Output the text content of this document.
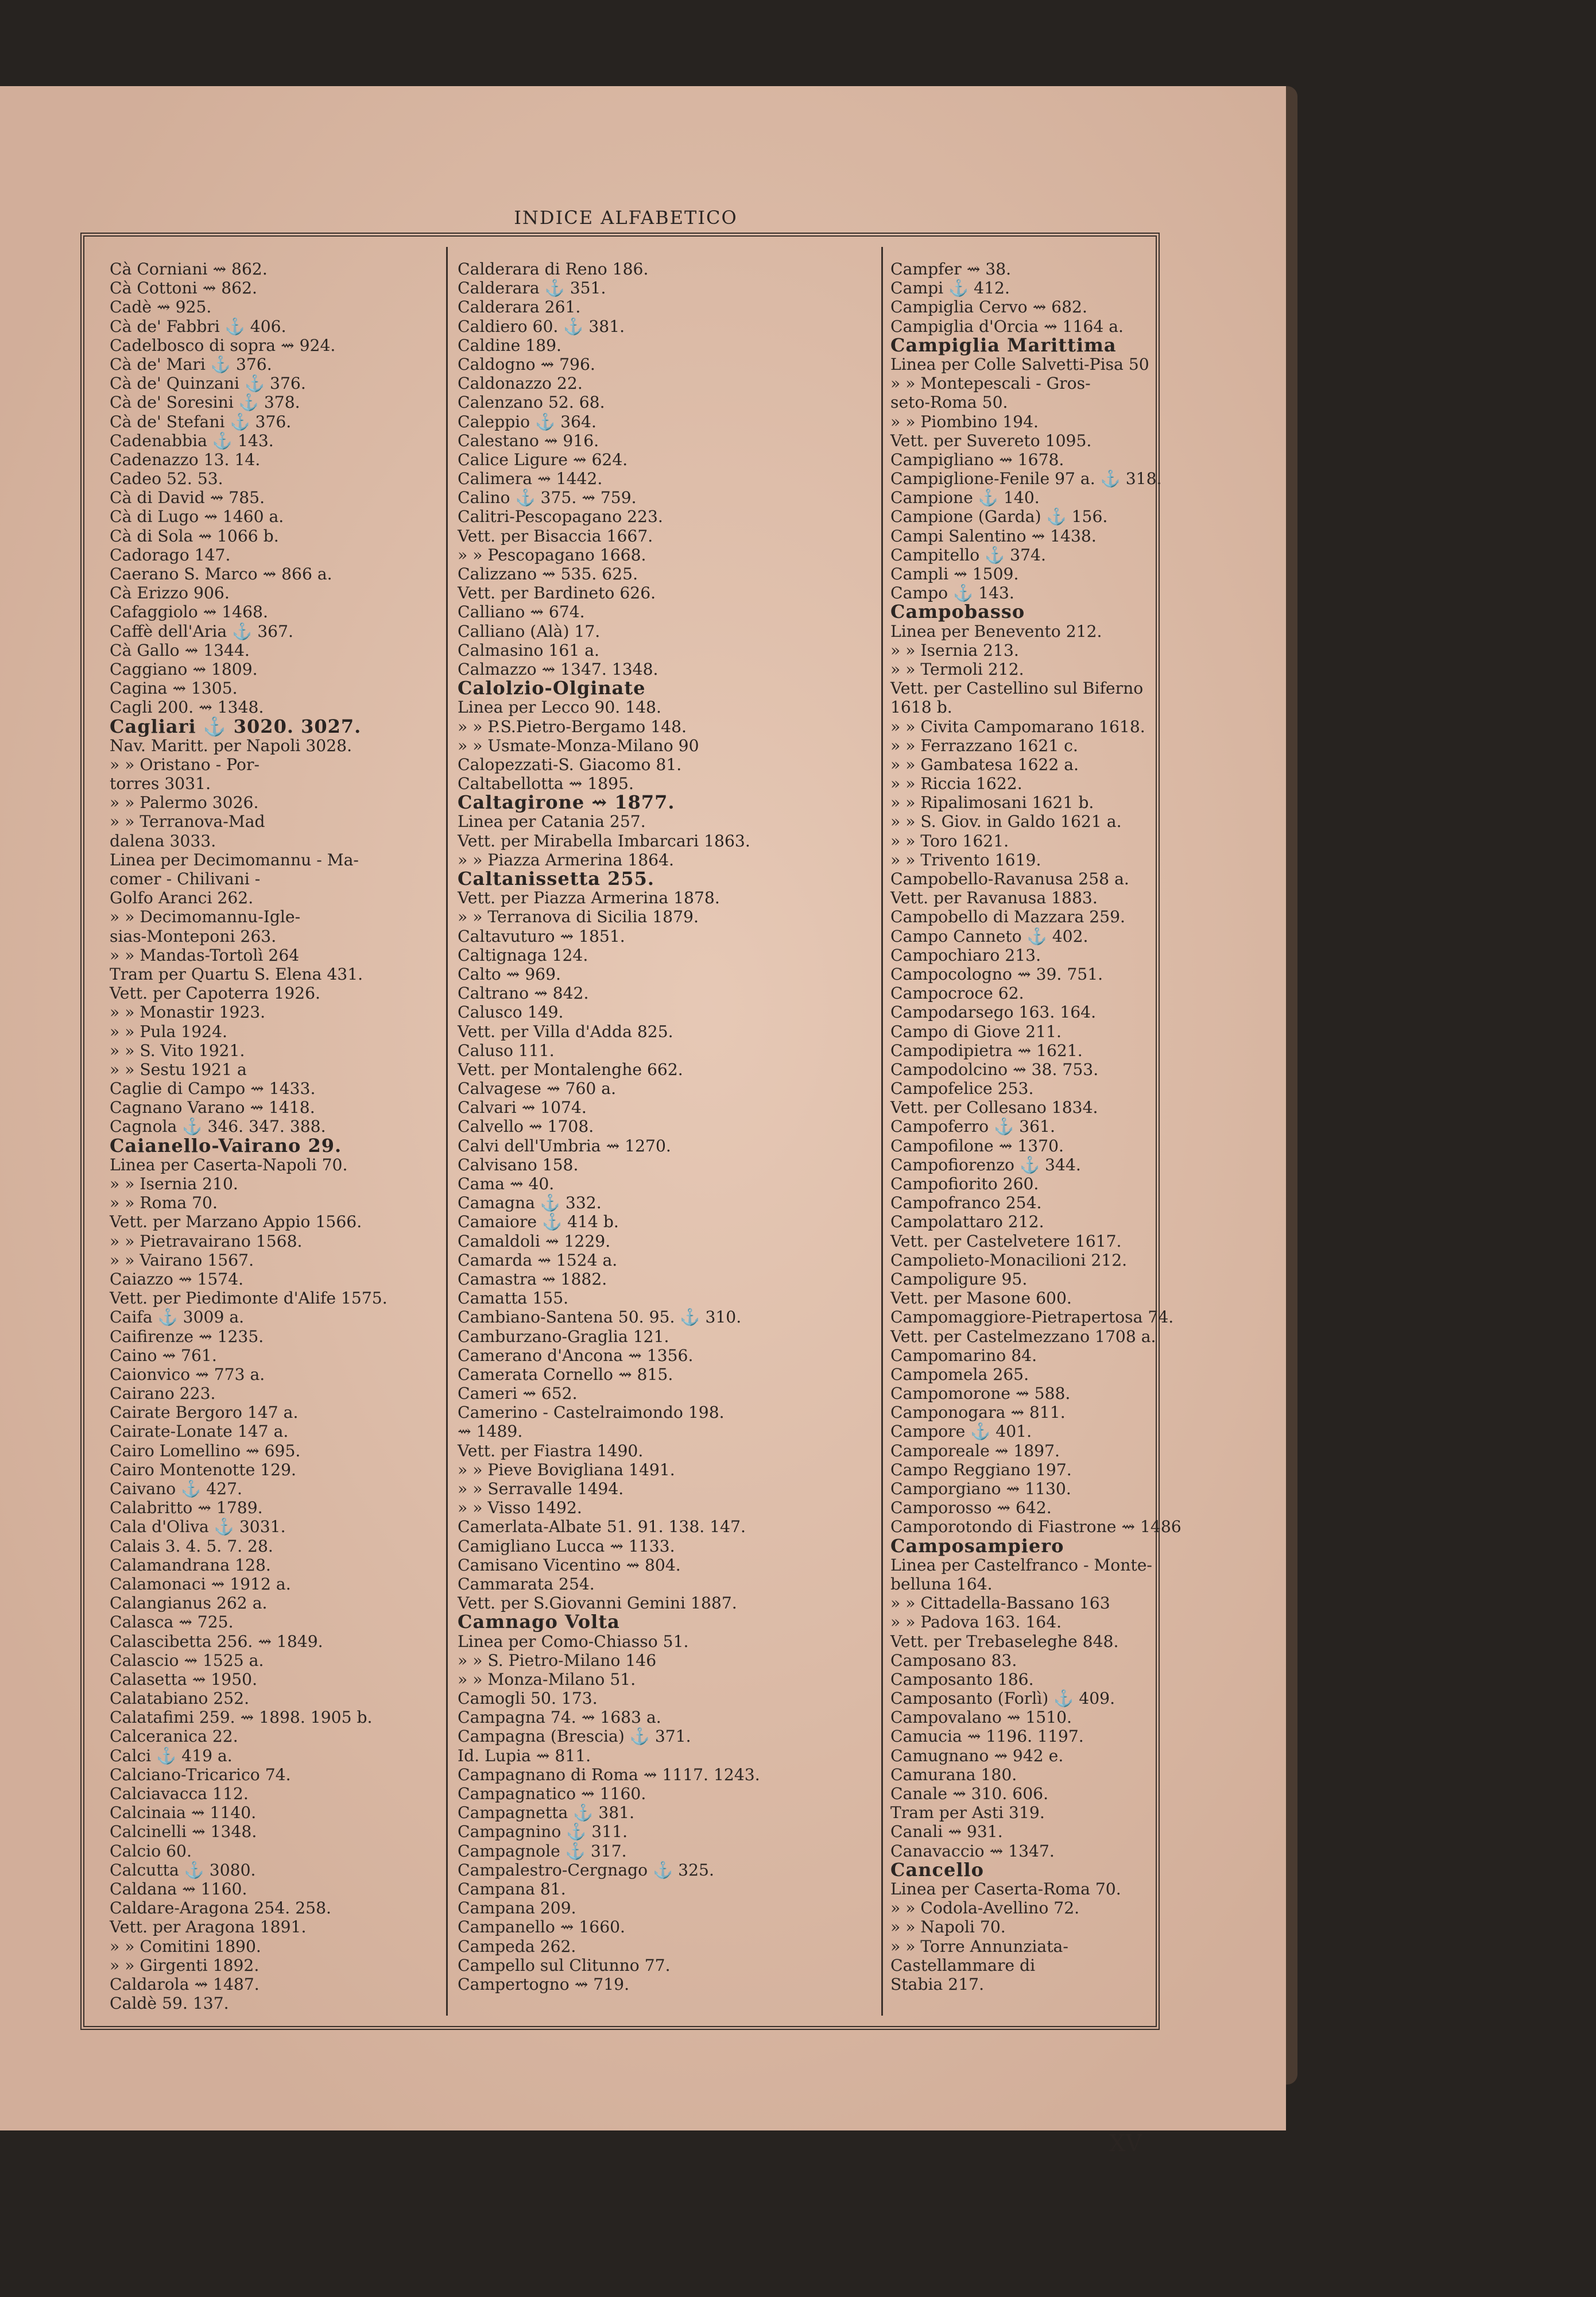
INDICE ALFABETICO
Cà Corniani ⇝ 862.
Cà Cottoni ⇝ 862.
Cadè ⇝ 925.
Cà de' Fabbri ⚓ 406.
Cadelbosco di sopra ⇝ 924.
Cà de' Mari ⚓ 376.
Cà de' Quinzani ⚓ 376.
Cà de' Soresini ⚓ 378.
Cà de' Stefani ⚓ 376.
Cadenabbia ⚓ 143.
Cadenazzo 13. 14.
Cadeo 52. 53.
Cà di David ⇝ 785.
Cà di Lugo ⇝ 1460 a.
Cà di Sola ⇝ 1066 b.
Cadorago 147.
Caerano S. Marco ⇝ 866 a.
Cà Erizzo 906.
Cafaggiolo ⇝ 1468.
Caffè dell'Aria ⚓ 367.
Cà Gallo ⇝ 1344.
Caggiano ⇝ 1809.
Cagina ⇝ 1305.
Cagli 200. ⇝ 1348.
Cagliari ⚓ 3020. 3027.
Nav. Maritt. per Napoli 3028.
» » Oristano - Por-
torres 3031.
» » Palermo 3026.
» » Terranova-Mad
dalena 3033.
Linea per Decimomannu - Ma-
comer - Chilivani -
Golfo Aranci 262.
» » Decimomannu-Igle-
sias-Monteponi 263.
» » Mandas-Tortolì 264
Tram per Quartu S. Elena 431.
Vett. per Capoterra 1926.
» » Monastir 1923.
» » Pula 1924.
» » S. Vito 1921.
» » Sestu 1921 a
Caglie di Campo ⇝ 1433.
Cagnano Varano ⇝ 1418.
Cagnola ⚓ 346. 347. 388.
Caianello-Vairano 29.
Linea per Caserta-Napoli 70.
» » Isernia 210.
» » Roma 70.
Vett. per Marzano Appio 1566.
» » Pietravairano 1568.
» » Vairano 1567.
Caiazzo ⇝ 1574.
Vett. per Piedimonte d'Alife 1575.
Caifa ⚓ 3009 a.
Caifirenze ⇝ 1235.
Caino ⇝ 761.
Caionvico ⇝ 773 a.
Cairano 223.
Cairate Bergoro 147 a.
Cairate-Lonate 147 a.
Cairo Lomellino ⇝ 695.
Cairo Montenotte 129.
Caivano ⚓ 427.
Calabritto ⇝ 1789.
Cala d'Oliva ⚓ 3031.
Calais 3. 4. 5. 7. 28.
Calamandrana 128.
Calamonaci ⇝ 1912 a.
Calangianus 262 a.
Calasca ⇝ 725.
Calascibetta 256. ⇝ 1849.
Calascio ⇝ 1525 a.
Calasetta ⇝ 1950.
Calatabiano 252.
Calatafimi 259. ⇝ 1898. 1905 b.
Calceranica 22.
Calci ⚓ 419 a.
Calciano-Tricarico 74.
Calciavacca 112.
Calcinaia ⇝ 1140.
Calcinelli ⇝ 1348.
Calcio 60.
Calcutta ⚓ 3080.
Caldana ⇝ 1160.
Caldare-Aragona 254. 258.
Vett. per Aragona 1891.
» » Comitini 1890.
» » Girgenti 1892.
Caldarola ⇝ 1487.
Caldè 59. 137.
Calderara di Reno 186.
Calderara ⚓ 351.
Calderara 261.
Caldiero 60. ⚓ 381.
Caldine 189.
Caldogno ⇝ 796.
Caldonazzo 22.
Calenzano 52. 68.
Caleppio ⚓ 364.
Calestano ⇝ 916.
Calice Ligure ⇝ 624.
Calimera ⇝ 1442.
Calino ⚓ 375. ⇝ 759.
Calitri-Pescopagano 223.
Vett. per Bisaccia 1667.
» » Pescopagano 1668.
Calizzano ⇝ 535. 625.
Vett. per Bardineto 626.
Calliano ⇝ 674.
Calliano (Alà) 17.
Calmasino 161 a.
Calmazzo ⇝ 1347. 1348.
Calolzio-Olginate
Linea per Lecco 90. 148.
» » P.S.Pietro-Bergamo 148.
» » Usmate-Monza-Milano 90
Calopezzati-S. Giacomo 81.
Caltabellotta ⇝ 1895.
Caltagirone ⇝ 1877.
Linea per Catania 257.
Vett. per Mirabella Imbarcari 1863.
» » Piazza Armerina 1864.
Caltanissetta 255.
Vett. per Piazza Armerina 1878.
» » Terranova di Sicilia 1879.
Caltavuturo ⇝ 1851.
Caltignaga 124.
Calto ⇝ 969.
Caltrano ⇝ 842.
Calusco 149.
Vett. per Villa d'Adda 825.
Caluso 111.
Vett. per Montalenghe 662.
Calvagese ⇝ 760 a.
Calvari ⇝ 1074.
Calvello ⇝ 1708.
Calvi dell'Umbria ⇝ 1270.
Calvisano 158.
Cama ⇝ 40.
Camagna ⚓ 332.
Camaiore ⚓ 414 b.
Camaldoli ⇝ 1229.
Camarda ⇝ 1524 a.
Camastra ⇝ 1882.
Camatta 155.
Cambiano-Santena 50. 95. ⚓ 310.
Camburzano-Graglia 121.
Camerano d'Ancona ⇝ 1356.
Camerata Cornello ⇝ 815.
Cameri ⇝ 652.
Camerino - Castelraimondo 198.
⇝ 1489.
Vett. per Fiastra 1490.
» » Pieve Bovigliana 1491.
» » Serravalle 1494.
» » Visso 1492.
Camerlata-Albate 51. 91. 138. 147.
Camigliano Lucca ⇝ 1133.
Camisano Vicentino ⇝ 804.
Cammarata 254.
Vett. per S.Giovanni Gemini 1887.
Camnago Volta
Linea per Como-Chiasso 51.
» » S. Pietro-Milano 146
» » Monza-Milano 51.
Camogli 50. 173.
Campagna 74. ⇝ 1683 a.
Campagna (Brescia) ⚓ 371.
Id. Lupia ⇝ 811.
Campagnano di Roma ⇝ 1117. 1243.
Campagnatico ⇝ 1160.
Campagnetta ⚓ 381.
Campagnino ⚓ 311.
Campagnole ⚓ 317.
Campalestro-Cergnago ⚓ 325.
Campana 81.
Campana 209.
Campanello ⇝ 1660.
Campeda 262.
Campello sul Clitunno 77.
Campertogno ⇝ 719.
Campfer ⇝ 38.
Campi ⚓ 412.
Campiglia Cervo ⇝ 682.
Campiglia d'Orcia ⇝ 1164 a.
Campiglia Marittima
Linea per Colle Salvetti-Pisa 50
» » Montepescali - Gros-
seto-Roma 50.
» » Piombino 194.
Vett. per Suvereto 1095.
Campigliano ⇝ 1678.
Campiglione-Fenile 97 a. ⚓ 318.
Campione ⚓ 140.
Campione (Garda) ⚓ 156.
Campi Salentino ⇝ 1438.
Campitello ⚓ 374.
Campli ⇝ 1509.
Campo ⚓ 143.
Campobasso
Linea per Benevento 212.
» » Isernia 213.
» » Termoli 212.
Vett. per Castellino sul Biferno
1618 b.
» » Civita Campomarano 1618.
» » Ferrazzano 1621 c.
» » Gambatesa 1622 a.
» » Riccia 1622.
» » Ripalimosani 1621 b.
» » S. Giov. in Galdo 1621 a.
» » Toro 1621.
» » Trivento 1619.
Campobello-Ravanusa 258 a.
Vett. per Ravanusa 1883.
Campobello di Mazzara 259.
Campo Canneto ⚓ 402.
Campochiaro 213.
Campocologno ⇝ 39. 751.
Campocroce 62.
Campodarsego 163. 164.
Campo di Giove 211.
Campodipietra ⇝ 1621.
Campodolcino ⇝ 38. 753.
Campofelice 253.
Vett. per Collesano 1834.
Campoferro ⚓ 361.
Campofilone ⇝ 1370.
Campofiorenzo ⚓ 344.
Campofiorito 260.
Campofranco 254.
Campolattaro 212.
Vett. per Castelvetere 1617.
Campolieto-Monacilioni 212.
Campoligure 95.
Vett. per Masone 600.
Campomaggiore-Pietrapertosa 74.
Vett. per Castelmezzano 1708 a.
Campomarino 84.
Campomela 265.
Campomorone ⇝ 588.
Camponogara ⇝ 811.
Campore ⚓ 401.
Camporeale ⇝ 1897.
Campo Reggiano 197.
Camporgiano ⇝ 1130.
Camporosso ⇝ 642.
Camporotondo di Fiastrone ⇝ 1486
Camposampiero
Linea per Castelfranco - Monte-
belluna 164.
» » Cittadella-Bassano 163
» » Padova 163. 164.
Vett. per Trebaseleghe 848.
Camposano 83.
Camposanto 186.
Camposanto (Forlì) ⚓ 409.
Campovalano ⇝ 1510.
Camucia ⇝ 1196. 1197.
Camugnano ⇝ 942 e.
Camurana 180.
Canale ⇝ 310. 606.
Tram per Asti 319.
Canali ⇝ 931.
Canavaccio ⇝ 1347.
Cancello
Linea per Caserta-Roma 70.
» » Codola-Avellino 72.
» » Napoli 70.
» » Torre Annunziata-
Castellammare di
Stabia 217.
XV
